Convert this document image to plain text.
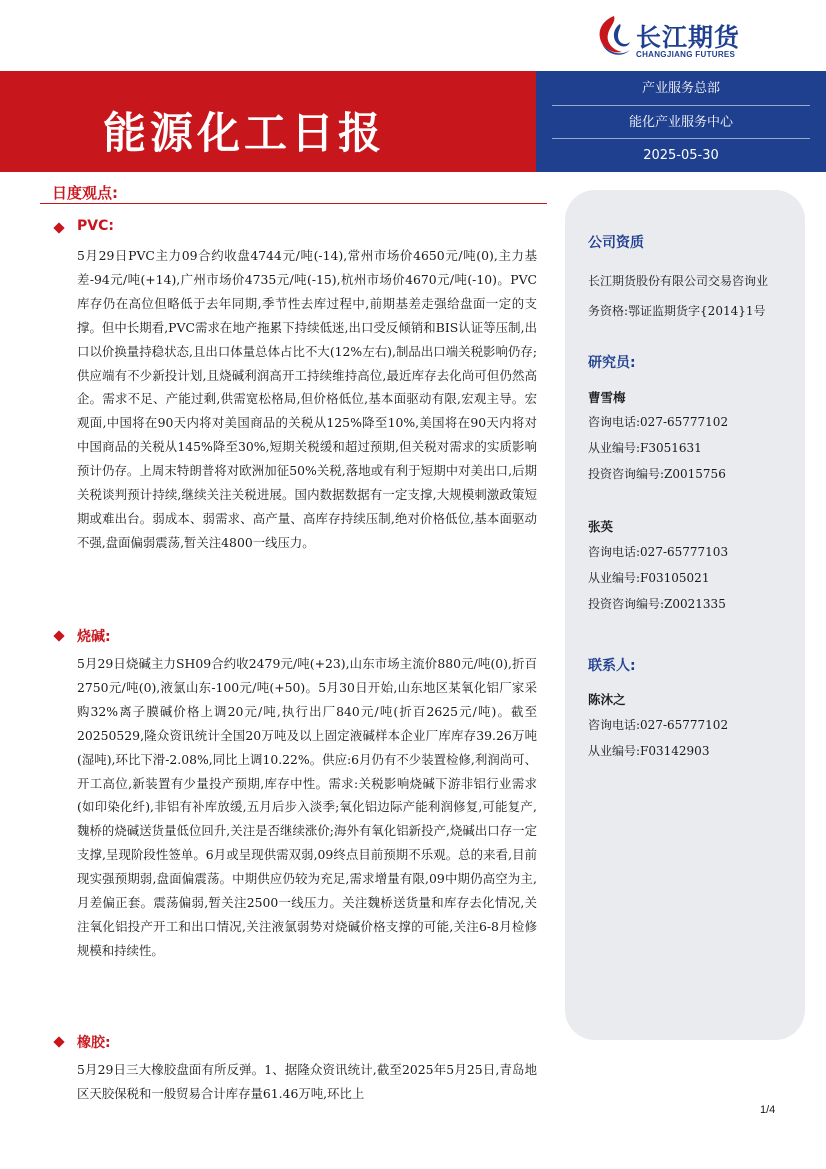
长江期货
CHANGJIANG FUTURES
能源化工日报
产业服务总部
能化产业服务中心
2025-05-30
日度观点:
PVC:
5月29日PVC主力09合约收盘4744元/吨(-14),常州市场价4650元/吨(0),主力基差-94元/吨(+14),广州市场价4735元/吨(-15),杭州市场价4670元/吨(-10)。PVC库存仍在高位但略低于去年同期,季节性去库过程中,前期基差走强给盘面一定的支撑。但中长期看,PVC需求在地产拖累下持续低迷,出口受反倾销和BIS认证等压制,出口以价换量持稳状态,且出口体量总体占比不大(12%左右),制品出口端关税影响仍存;供应端有不少新投计划,且烧碱利润高开工持续维持高位,最近库存去化尚可但仍然高企。需求不足、产能过剩,供需宽松格局,但价格低位,基本面驱动有限,宏观主导。宏观面,中国将在90天内将对美国商品的关税从125%降至10%,美国将在90天内将对中国商品的关税从145%降至30%,短期关税缓和超过预期,但关税对需求的实质影响预计仍存。上周末特朗普将对欧洲加征50%关税,落地或有利于短期中对美出口,后期关税谈判预计持续,继续关注关税进展。国内数据数据有一定支撑,大规模刺激政策短期或难出台。弱成本、弱需求、高产量、高库存持续压制,绝对价格低位,基本面驱动不强,盘面偏弱震荡,暂关注4800一线压力。
烧碱:
5月29日烧碱主力SH09合约收2479元/吨(+23),山东市场主流价880元/吨(0),折百2750元/吨(0),液氯山东-100元/吨(+50)。5月30日开始,山东地区某氧化铝厂家采购32%离子膜碱价格上调20元/吨,执行出厂840元/吨(折百2625元/吨)。截至20250529,隆众资讯统计全国20万吨及以上固定液碱样本企业厂库库存39.26万吨(湿吨),环比下滑-2.08%,同比上调10.22%。供应:6月仍有不少装置检修,利润尚可、开工高位,新装置有少量投产预期,库存中性。需求:关税影响烧碱下游非铝行业需求(如印染化纤),非铝有补库放缓,五月后步入淡季;氧化铝边际产能利润修复,可能复产,魏桥的烧碱送货量低位回升,关注是否继续涨价;海外有氧化铝新投产,烧碱出口存一定支撑,呈现阶段性签单。6月或呈现供需双弱,09终点目前预期不乐观。总的来看,目前现实强预期弱,盘面偏震荡。中期供应仍较为充足,需求增量有限,09中期仍高空为主,月差偏正套。震荡偏弱,暂关注2500一线压力。关注魏桥送货量和库存去化情况,关注氧化铝投产开工和出口情况,关注液氯弱势对烧碱价格支撑的可能,关注6-8月检修规模和持续性。
橡胶:
5月29日三大橡胶盘面有所反弹。1、据隆众资讯统计,截至2025年5月25日,青岛地区天胶保税和一般贸易合计库存量61.46万吨,环比上
公司资质
长江期货股份有限公司交易咨询业
务资格:鄂证监期货字{2014}1号
研究员:
曹雪梅
咨询电话:027-65777102
从业编号:F3051631
投资咨询编号:Z0015756
张英
咨询电话:027-65777103
从业编号:F03105021
投资咨询编号:Z0021335
联系人:
陈沐之
咨询电话:027-65777102
从业编号:F03142903
1/4
